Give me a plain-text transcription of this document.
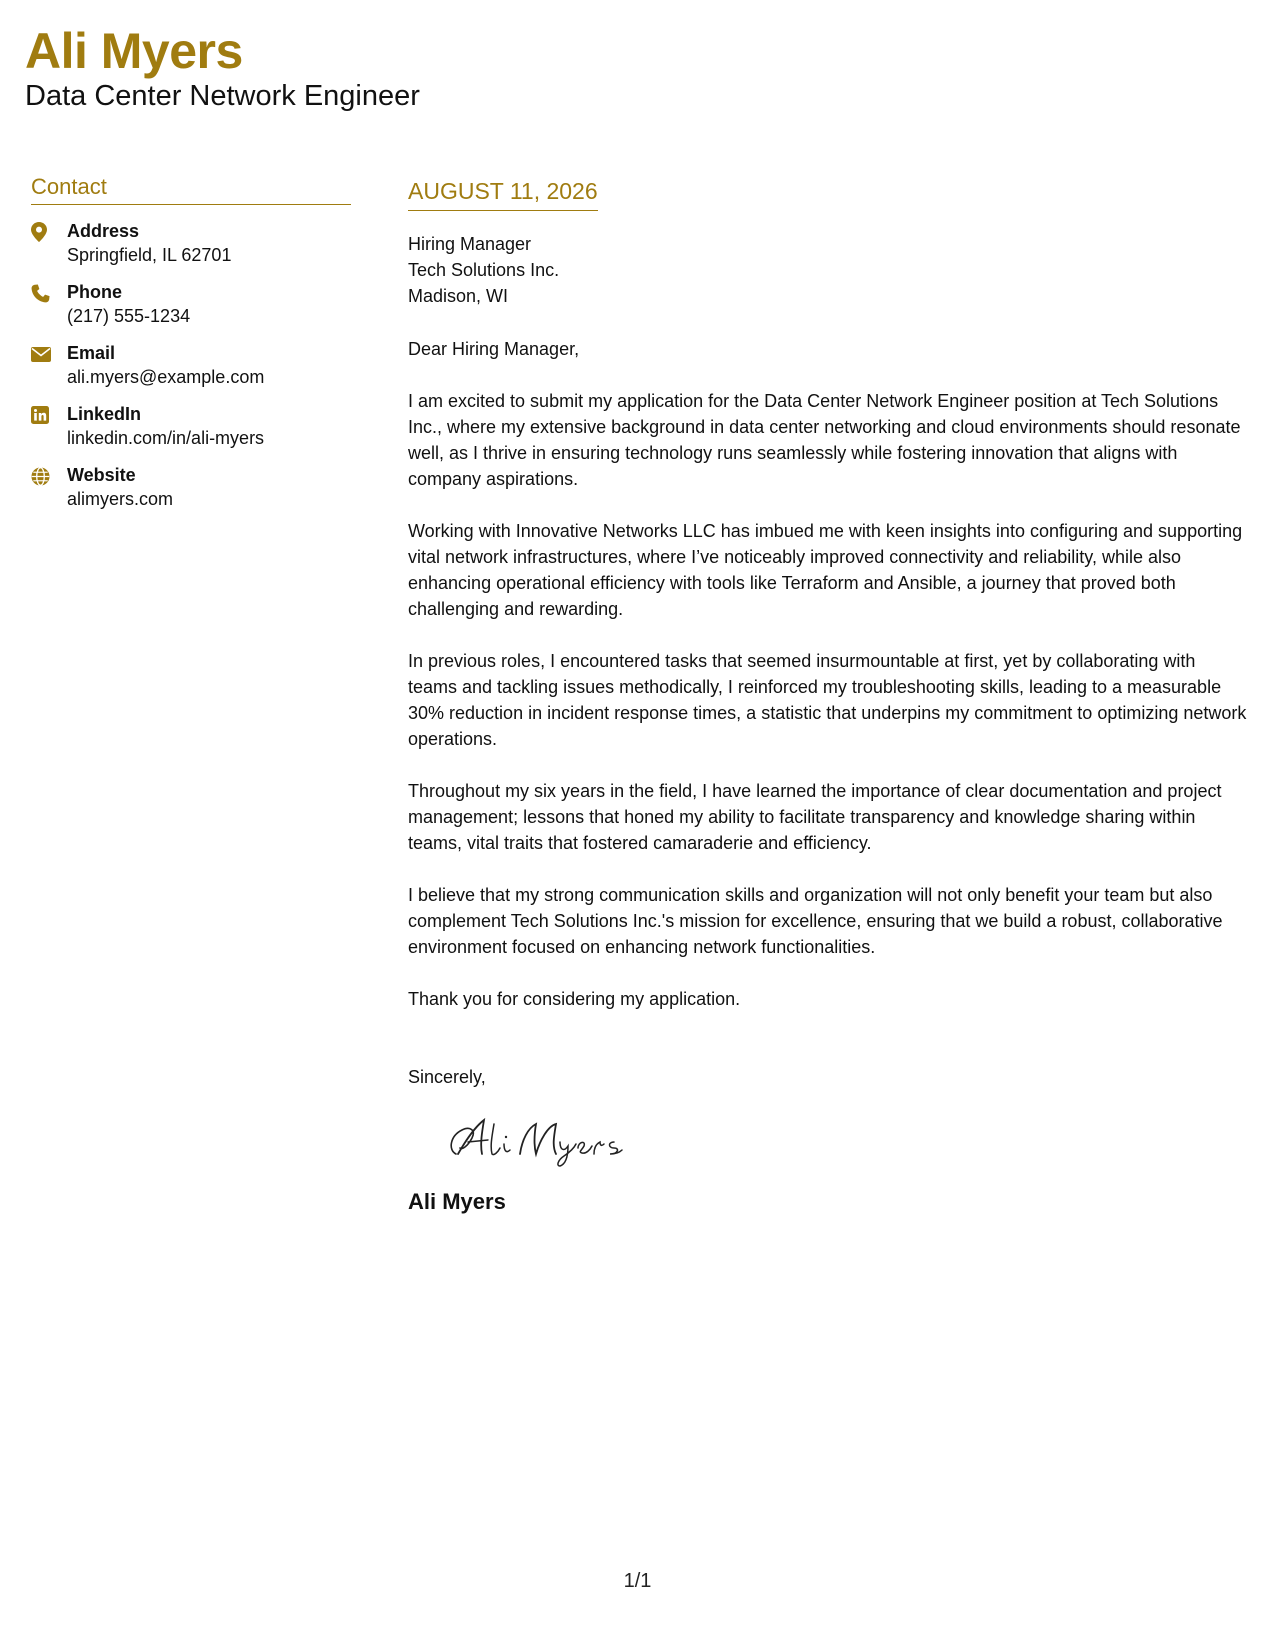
Ali Myers
Data Center Network Engineer
Contact
Address
Springfield, IL 62701
Phone
(217) 555-1234
Email
ali.myers@example.com
LinkedIn
linkedin.com/in/ali-myers
Website
alimyers.com
AUGUST 11, 2026
Hiring Manager
Tech Solutions Inc.
Madison, WI
Dear Hiring Manager,
I am excited to submit my application for the Data Center Network Engineer position at Tech Solutions Inc., where my extensive background in data center networking and cloud environments should resonate well, as I thrive in ensuring technology runs seamlessly while fostering innovation that aligns with company aspirations.
Working with Innovative Networks LLC has imbued me with keen insights into configuring and supporting vital network infrastructures, where I’ve noticeably improved connectivity and reliability, while also enhancing operational efficiency with tools like Terraform and Ansible, a journey that proved both challenging and rewarding.
In previous roles, I encountered tasks that seemed insurmountable at first, yet by collaborating with teams and tackling issues methodically, I reinforced my troubleshooting skills, leading to a measurable 30% reduction in incident response times, a statistic that underpins my commitment to optimizing network operations.
Throughout my six years in the field, I have learned the importance of clear documentation and project management; lessons that honed my ability to facilitate transparency and knowledge sharing within teams, vital traits that fostered camaraderie and efficiency.
I believe that my strong communication skills and organization will not only benefit your team but also complement Tech Solutions Inc.'s mission for excellence, ensuring that we build a robust, collaborative environment focused on enhancing network functionalities.
Thank you for considering my application.
Sincerely,
Ali Myers
1/1
